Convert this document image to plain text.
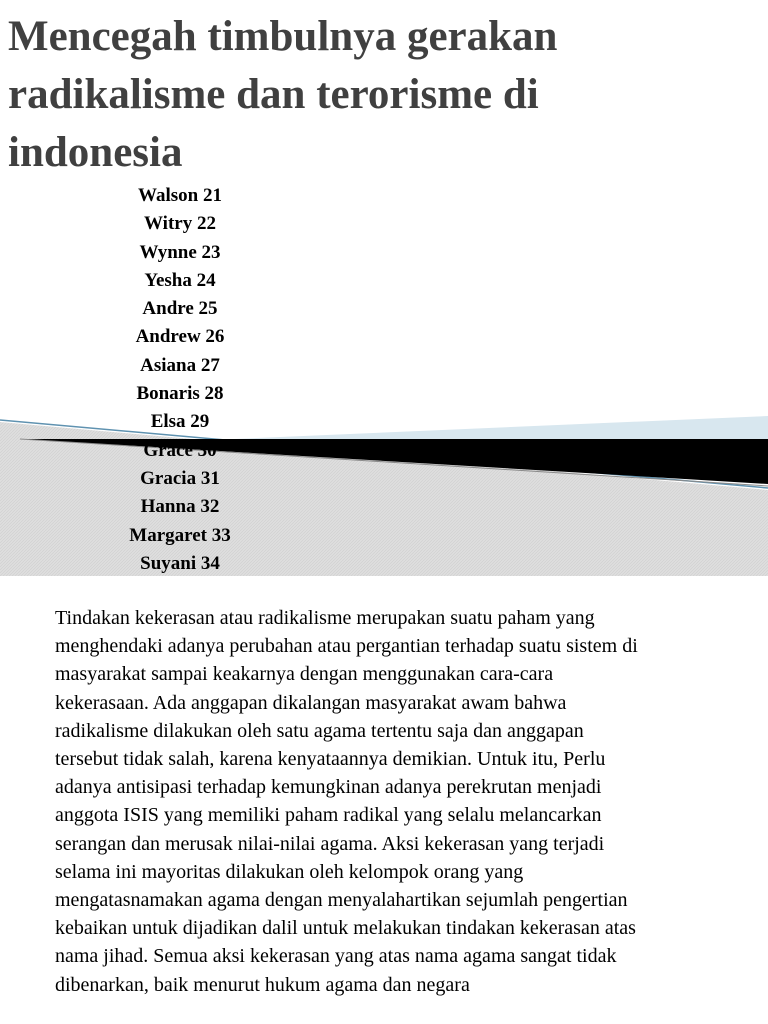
Mencegah timbulnya gerakan
radikalisme dan terorisme di
indonesia
Walson 21
Witry 22
Wynne 23
Yesha 24
Andre 25
Andrew 26
Asiana 27
Bonaris 28
Elsa 29
Grace 30
Gracia 31
Hanna 32
Margaret 33
Suyani 34
Tindakan kekerasan atau radikalisme merupakan suatu paham yang
menghendaki adanya perubahan atau pergantian terhadap suatu sistem di
masyarakat sampai keakarnya dengan menggunakan cara-cara
kekerasaan. Ada anggapan dikalangan masyarakat awam bahwa
radikalisme dilakukan oleh satu agama tertentu saja dan anggapan
tersebut tidak salah, karena kenyataannya demikian. Untuk itu, Perlu
adanya antisipasi terhadap kemungkinan adanya perekrutan menjadi
anggota ISIS yang memiliki paham radikal yang selalu melancarkan
serangan dan merusak nilai-nilai agama. Aksi kekerasan yang terjadi
selama ini mayoritas dilakukan oleh kelompok orang yang
mengatasnamakan agama dengan menyalahartikan sejumlah pengertian
kebaikan untuk dijadikan dalil untuk melakukan tindakan kekerasan atas
nama jihad. Semua aksi kekerasan yang atas nama agama sangat tidak
dibenarkan, baik menurut hukum agama dan negara
